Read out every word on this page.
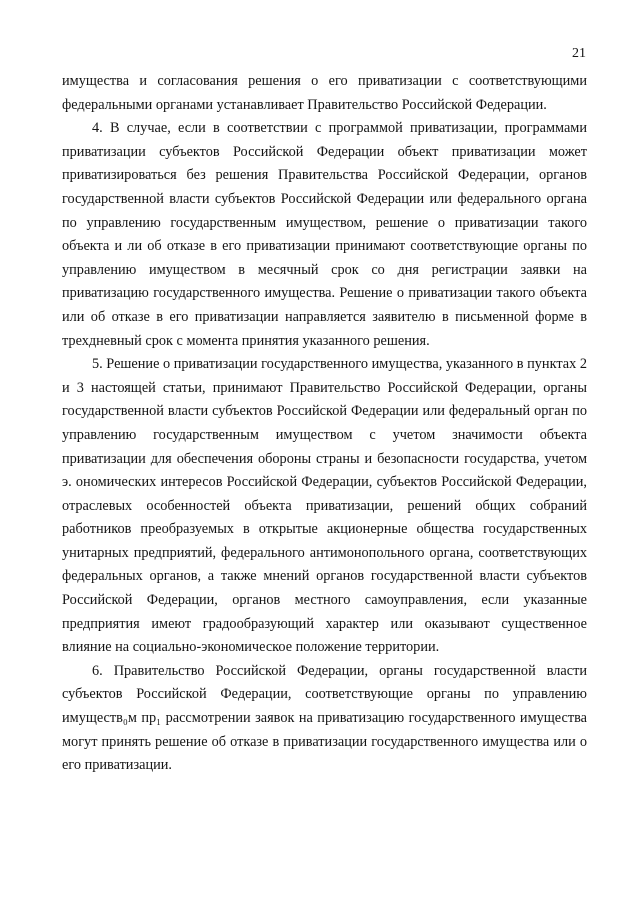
21

имущества и согласования решения о его приватизации с соответствующими федеральными органами устанавливает Правительство Российской Федерации.

4. В случае, если в соответствии с программой приватизации, программами приватизации субъектов Российской Федерации объект приватизации может приватизироваться без решения Правительства Российской Федерации, органов государственной власти субъектов Российской Федерации или федерального органа по управлению государственным имуществом, решение о приватизации такого объекта и ли об отказе в его приватизации принимают соответствующие органы по управлению имуществом в месячный срок со дня регистрации заявки на приватизацию государственного имущества. Решение о приватизации такого объекта или об отказе в его приватизации направляется заявителю в письменной форме в трехдневный срок с момента принятия указанного решения.

5. Решение о приватизации государственного имущества, указанного в пунктах 2 и 3 настоящей статьи, принимают Правительство Российской Федерации, органы государственной власти субъектов Российской Федерации или федеральный орган по управлению государственным имуществом с учетом значимости объекта приватизации для обеспечения обороны страны и безопасности государства, учетом э. ономических интересов Российской Федерации, субъектов Российской Федерации, отраслевых особенностей объекта приватизации, решений общих собраний работников преобразуемых в открытые акционерные общества государственных унитарных предприятий, федерального антимонопольного органа, соответствующих федеральных органов, а также мнений органов государственной власти субъектов Российской Федерации, органов местного самоуправления, если указанные предприятия имеют градообразующий характер или оказывают существенное влияние на социально-экономическое положение территории.

6. Правительство Российской Федерации, органы государственной власти субъектов Российской Федерации, соответствующие органы по управлению имуществ₀м пр₁ рассмотрении заявок на приватизацию государственного имущества могут принять решение об отказе в приватизации государственного имущества или о его приватизации.
